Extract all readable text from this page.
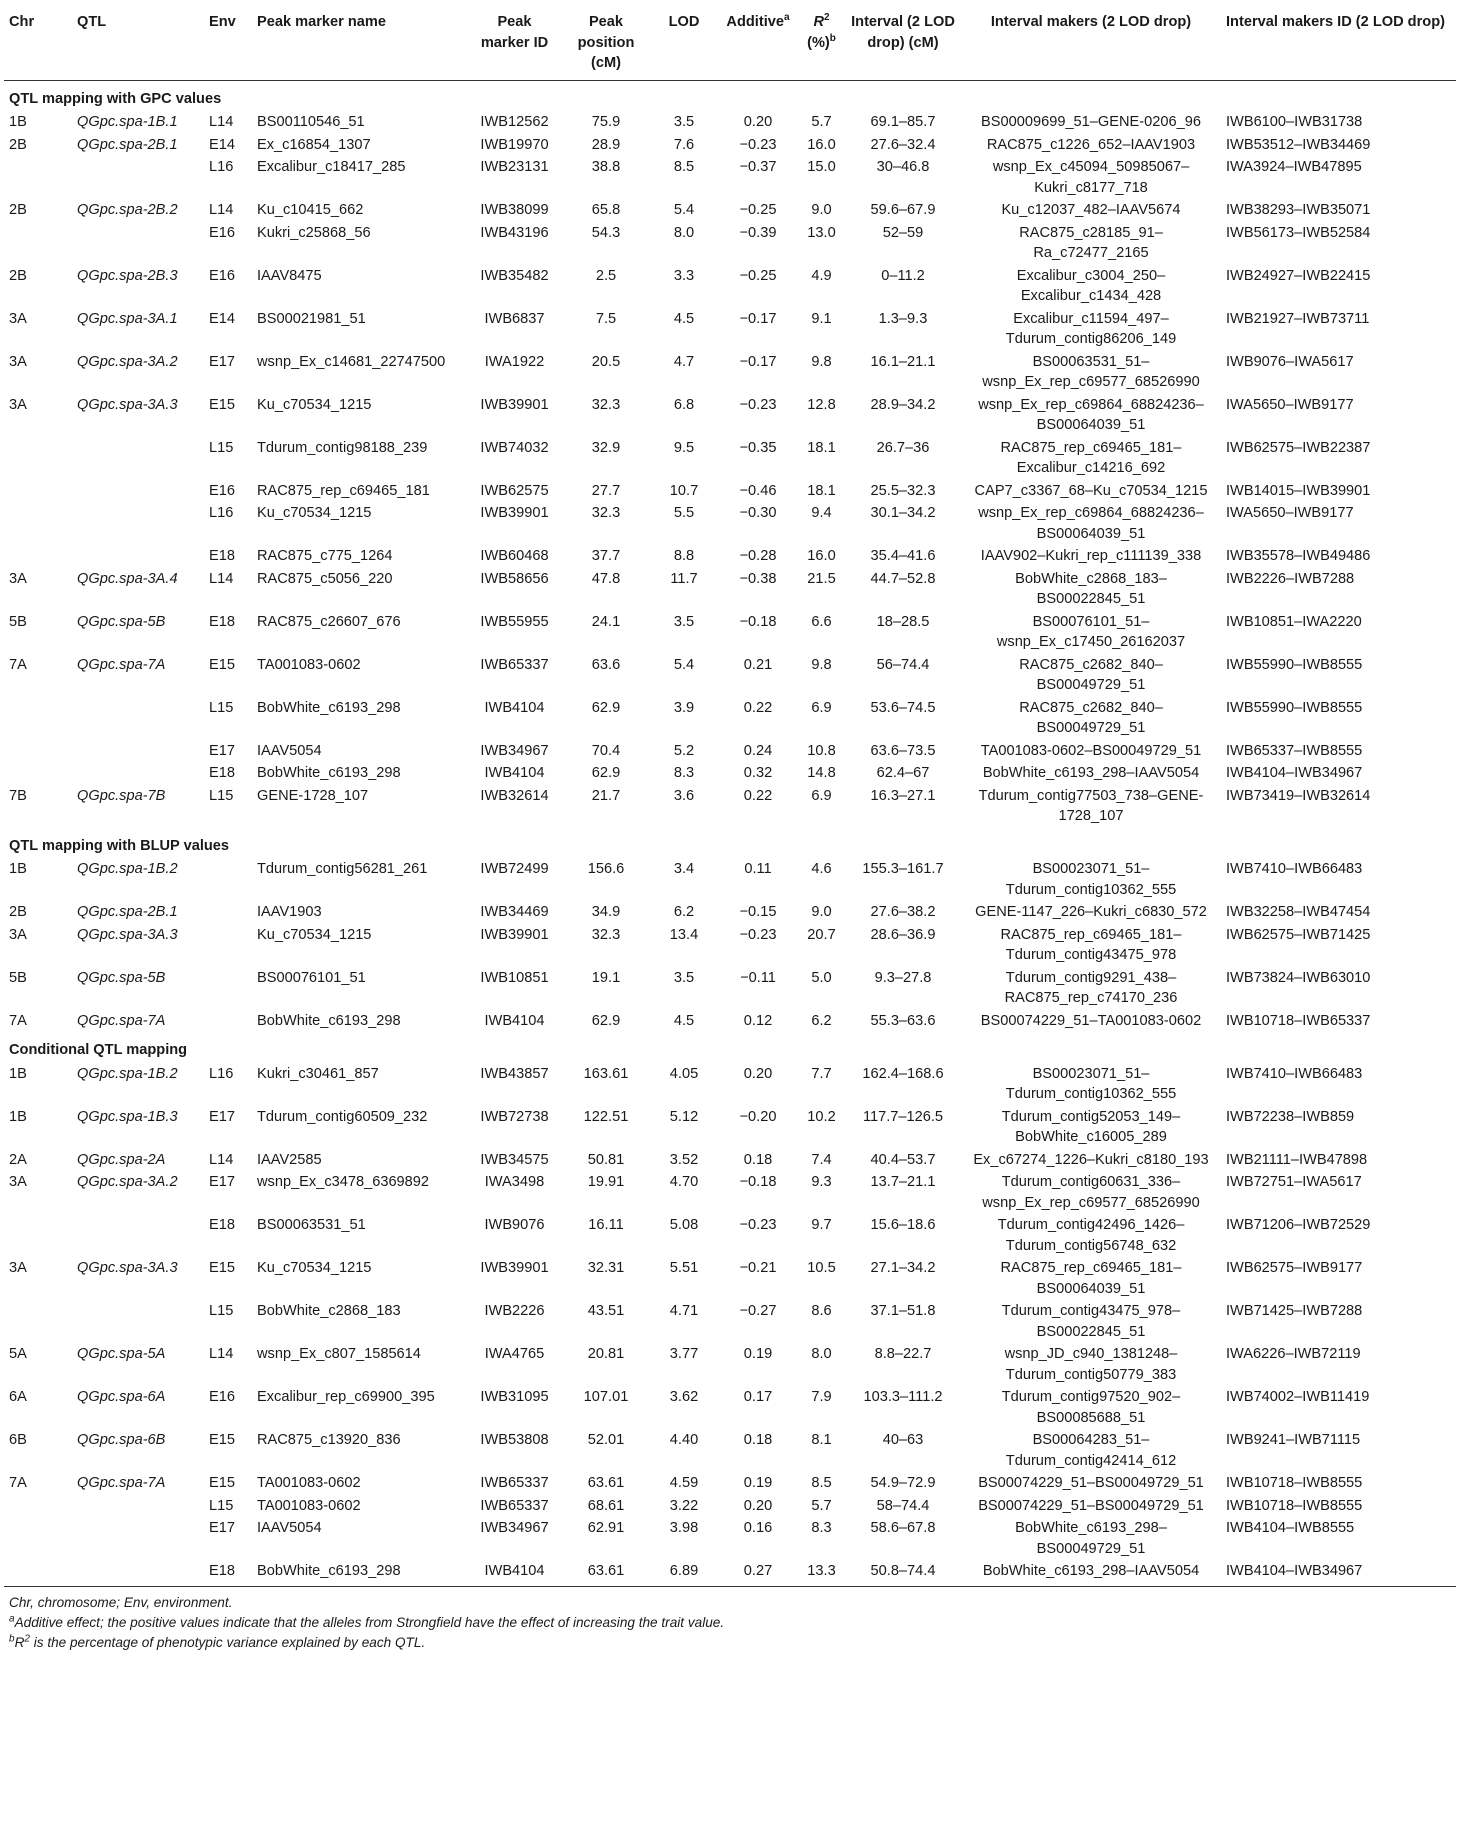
Chr	QTL	Env	Peak marker name	Peak marker ID	Peak position (cM)	LOD	Additive$^a$	$R^2$ (%)$^b$	Interval (2 LOD drop) (cM)	Interval makers (2 LOD drop)	Interval makers ID (2 LOD drop)
QTL mapping with GPC values											
1B	QGpc.spa-1B.1	L14	BS00110546_51	IWB12562	75.9	3.5	0.20	5.7	69.1–85.7	BS00009699_51–GENE-0206_96	IWB6100–IWB31738
2B	QGpc.spa-2B.1	E14	Ex_c16854_1307	IWB19970	28.9	7.6	−0.23	16.0	27.6–32.4	RAC875_c1226_652–IAAV1903	IWB53512–IWB34469
		L16	Excalibur_c18417_285	IWB23131	38.8	8.5	−0.37	15.0	30–46.8	wsnp_Ex_c45094_50985067–Kukri_c8177_718	IWA3924–IWB47895
2B	QGpc.spa-2B.2	L14	Ku_c10415_662	IWB38099	65.8	5.4	−0.25	9.0	59.6–67.9	Ku_c12037_482–IAAV5674	IWB38293–IWB35071
		E16	Kukri_c25868_56	IWB43196	54.3	8.0	−0.39	13.0	52–59	RAC875_c28185_91–Ra_c72477_2165	IWB56173–IWB52584
2B	QGpc.spa-2B.3	E16	IAAV8475	IWB35482	2.5	3.3	−0.25	4.9	0–11.2	Excalibur_c3004_250–Excalibur_c1434_428	IWB24927–IWB22415
3A	QGpc.spa-3A.1	E14	BS00021981_51	IWB6837	7.5	4.5	−0.17	9.1	1.3–9.3	Excalibur_c11594_497–Tdurum_contig86206_149	IWB21927–IWB73711
3A	QGpc.spa-3A.2	E17	wsnp_Ex_c14681_22747500	IWA1922	20.5	4.7	−0.17	9.8	16.1–21.1	BS00063531_51–wsnp_Ex_rep_c69577_68526990	IWB9076–IWA5617
3A	QGpc.spa-3A.3	E15	Ku_c70534_1215	IWB39901	32.3	6.8	−0.23	12.8	28.9–34.2	wsnp_Ex_rep_c69864_68824236–BS00064039_51	IWA5650–IWB9177
		L15	Tdurum_contig98188_239	IWB74032	32.9	9.5	−0.35	18.1	26.7–36	RAC875_rep_c69465_181–Excalibur_c14216_692	IWB62575–IWB22387
		E16	RAC875_rep_c69465_181	IWB62575	27.7	10.7	−0.46	18.1	25.5–32.3	CAP7_c3367_68–Ku_c70534_1215	IWB14015–IWB39901
		L16	Ku_c70534_1215	IWB39901	32.3	5.5	−0.30	9.4	30.1–34.2	wsnp_Ex_rep_c69864_68824236–BS00064039_51	IWA5650–IWB9177
		E18	RAC875_c775_1264	IWB60468	37.7	8.8	−0.28	16.0	35.4–41.6	IAAV902–Kukri_rep_c111139_338	IWB35578–IWB49486
3A	QGpc.spa-3A.4	L14	RAC875_c5056_220	IWB58656	47.8	11.7	−0.38	21.5	44.7–52.8	BobWhite_c2868_183–BS00022845_51	IWB2226–IWB7288
5B	QGpc.spa-5B	E18	RAC875_c26607_676	IWB55955	24.1	3.5	−0.18	6.6	18–28.5	BS00076101_51–wsnp_Ex_c17450_26162037	IWB10851–IWA2220
7A	QGpc.spa-7A	E15	TA001083-0602	IWB65337	63.6	5.4	0.21	9.8	56–74.4	RAC875_c2682_840–BS00049729_51	IWB55990–IWB8555
		L15	BobWhite_c6193_298	IWB4104	62.9	3.9	0.22	6.9	53.6–74.5	RAC875_c2682_840–BS00049729_51	IWB55990–IWB8555
		E17	IAAV5054	IWB34967	70.4	5.2	0.24	10.8	63.6–73.5	TA001083-0602–BS00049729_51	IWB65337–IWB8555
		E18	BobWhite_c6193_298	IWB4104	62.9	8.3	0.32	14.8	62.4–67	BobWhite_c6193_298–IAAV5054	IWB4104–IWB34967
7B	QGpc.spa-7B	L15	GENE-1728_107	IWB32614	21.7	3.6	0.22	6.9	16.3–27.1	Tdurum_contig77503_738–GENE-1728_107	IWB73419–IWB32614
QTL mapping with BLUP values											
1B	QGpc.spa-1B.2		Tdurum_contig56281_261	IWB72499	156.6	3.4	0.11	4.6	155.3–161.7	BS00023071_51–Tdurum_contig10362_555	IWB7410–IWB66483
2B	QGpc.spa-2B.1		IAAV1903	IWB34469	34.9	6.2	−0.15	9.0	27.6–38.2	GENE-1147_226–Kukri_c6830_572	IWB32258–IWB47454
3A	QGpc.spa-3A.3		Ku_c70534_1215	IWB39901	32.3	13.4	−0.23	20.7	28.6–36.9	RAC875_rep_c69465_181–Tdurum_contig43475_978	IWB62575–IWB71425
5B	QGpc.spa-5B		BS00076101_51	IWB10851	19.1	3.5	−0.11	5.0	9.3–27.8	Tdurum_contig9291_438–RAC875_rep_c74170_236	IWB73824–IWB63010
7A	QGpc.spa-7A		BobWhite_c6193_298	IWB4104	62.9	4.5	0.12	6.2	55.3–63.6	BS00074229_51–TA001083-0602	IWB10718–IWB65337
Conditional QTL mapping											
1B	QGpc.spa-1B.2	L16	Kukri_c30461_857	IWB43857	163.61	4.05	0.20	7.7	162.4–168.6	BS00023071_51–Tdurum_contig10362_555	IWB7410–IWB66483
1B	QGpc.spa-1B.3	E17	Tdurum_contig60509_232	IWB72738	122.51	5.12	−0.20	10.2	117.7–126.5	Tdurum_contig52053_149–BobWhite_c16005_289	IWB72238–IWB859
2A	QGpc.spa-2A	L14	IAAV2585	IWB34575	50.81	3.52	0.18	7.4	40.4–53.7	Ex_c67274_1226–Kukri_c8180_193	IWB21111–IWB47898
3A	QGpc.spa-3A.2	E17	wsnp_Ex_c3478_6369892	IWA3498	19.91	4.70	−0.18	9.3	13.7–21.1	Tdurum_contig60631_336–wsnp_Ex_rep_c69577_68526990	IWB72751–IWA5617
		E18	BS00063531_51	IWB9076	16.11	5.08	−0.23	9.7	15.6–18.6	Tdurum_contig42496_1426–Tdurum_contig56748_632	IWB71206–IWB72529
3A	QGpc.spa-3A.3	E15	Ku_c70534_1215	IWB39901	32.31	5.51	−0.21	10.5	27.1–34.2	RAC875_rep_c69465_181–BS00064039_51	IWB62575–IWB9177
		L15	BobWhite_c2868_183	IWB2226	43.51	4.71	−0.27	8.6	37.1–51.8	Tdurum_contig43475_978–BS00022845_51	IWB71425–IWB7288
5A	QGpc.spa-5A	L14	wsnp_Ex_c807_1585614	IWA4765	20.81	3.77	0.19	8.0	8.8–22.7	wsnp_JD_c940_1381248–Tdurum_contig50779_383	IWA6226–IWB72119
6A	QGpc.spa-6A	E16	Excalibur_rep_c69900_395	IWB31095	107.01	3.62	0.17	7.9	103.3–111.2	Tdurum_contig97520_902–BS00085688_51	IWB74002–IWB11419
6B	QGpc.spa-6B	E15	RAC875_c13920_836	IWB53808	52.01	4.40	0.18	8.1	40–63	BS00064283_51–Tdurum_contig42414_612	IWB9241–IWB71115
7A	QGpc.spa-7A	E15	TA001083-0602	IWB65337	63.61	4.59	0.19	8.5	54.9–72.9	BS00074229_51–BS00049729_51	IWB10718–IWB8555
		L15	TA001083-0602	IWB65337	68.61	3.22	0.20	5.7	58–74.4	BS00074229_51–BS00049729_51	IWB10718–IWB8555
		E17	IAAV5054	IWB34967	62.91	3.98	0.16	8.3	58.6–67.8	BobWhite_c6193_298–BS00049729_51	IWB4104–IWB8555
		E18	BobWhite_c6193_298	IWB4104	63.61	6.89	0.27	13.3	50.8–74.4	BobWhite_c6193_298–IAAV5054	IWB4104–IWB34967
Chr, chromosome; Env, environment.
$^a$Additive effect; the positive values indicate that the alleles from Strongfield have the effect of increasing the trait value.
$^bR^2$ is the percentage of phenotypic variance explained by each QTL.
